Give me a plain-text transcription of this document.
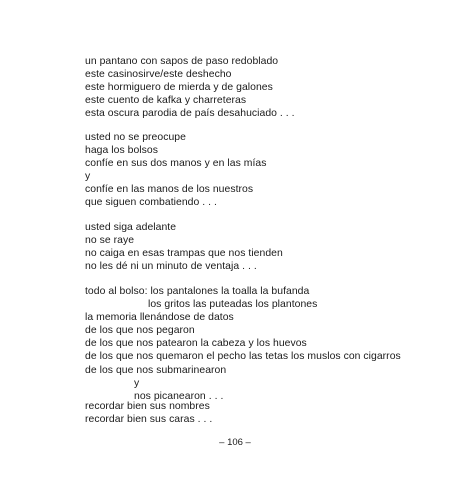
un pantano con sapos de paso redoblado
este casinosirve/este deshecho
este hormiguero de mierda y de galones
este cuento de kafka y charreteras
esta oscura parodia de país desahuciado . . .
usted no se preocupe
haga los bolsos
confíe en sus dos manos y en las mías
y
confíe en las manos de los nuestros
que siguen combatiendo . . .
usted siga adelante
no se raye
no caiga en esas trampas que nos tienden
no les dé ni un minuto de ventaja . . .
todo al bolso: los pantalones la toalla la bufanda
los gritos las puteadas los plantones
la memoria llenándose de datos
de los que nos pegaron
de los que nos patearon la cabeza y los huevos
de los que nos quemaron el pecho las tetas los muslos con cigarros
de los que nos submarinearon
y
nos picanearon . . .
recordar bien sus nombres
recordar bien sus caras . . .
– 106 –
